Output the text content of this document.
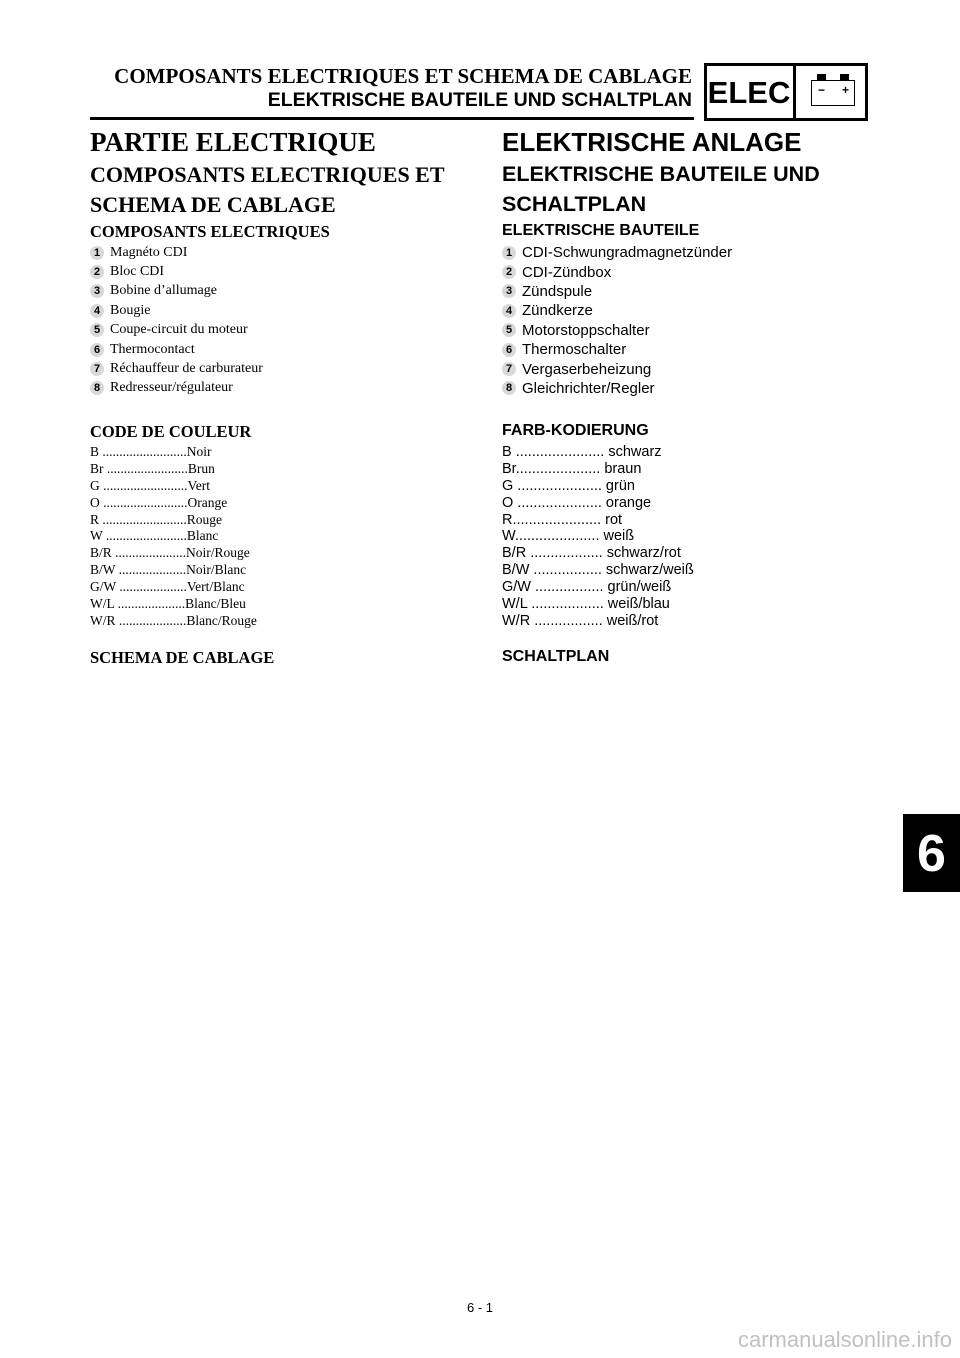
COMPOSANTS ELECTRIQUES ET SCHEMA DE CABLAGE
ELEKTRISCHE BAUTEILE UND SCHALTPLAN ELEC − +
PARTIE ELECTRIQUE
COMPOSANTS ELECTRIQUES ET
SCHEMA DE CABLAGE
COMPOSANTS ELECTRIQUES
1 Magnéto CDI
2 Bloc CDI
3 Bobine d’allumage
4 Bougie
5 Coupe-circuit du moteur
6 Thermocontact
7 Réchauffeur de carburateur
8 Redresseur/régulateur
CODE DE COULEUR
B .........................Noir
Br ........................Brun
G .........................Vert
O .........................Orange
R .........................Rouge
W ........................Blanc
B/R .....................Noir/Rouge
B/W ....................Noir/Blanc
G/W ....................Vert/Blanc
W/L ....................Blanc/Bleu
W/R ....................Blanc/Rouge
SCHEMA DE CABLAGE
ELEKTRISCHE ANLAGE
ELEKTRISCHE BAUTEILE UND
SCHALTPLAN
ELEKTRISCHE BAUTEILE
1 CDI-Schwungradmagnetzünder
2 CDI-Zündbox
3 Zündspule
4 Zündkerze
5 Motorstoppschalter
6 Thermoschalter
7 Vergaserbeheizung
8 Gleichrichter/Regler
FARB-KODIERUNG
B ...................... schwarz
Br..................... braun
G ..................... grün
O ..................... orange
R...................... rot
W..................... weiß
B/R .................. schwarz/rot
B/W ................. schwarz/weiß
G/W ................. grün/weiß
W/L .................. weiß/blau
W/R ................. weiß/rot
SCHALTPLAN
6
6 - 1
carmanualsonline.info
